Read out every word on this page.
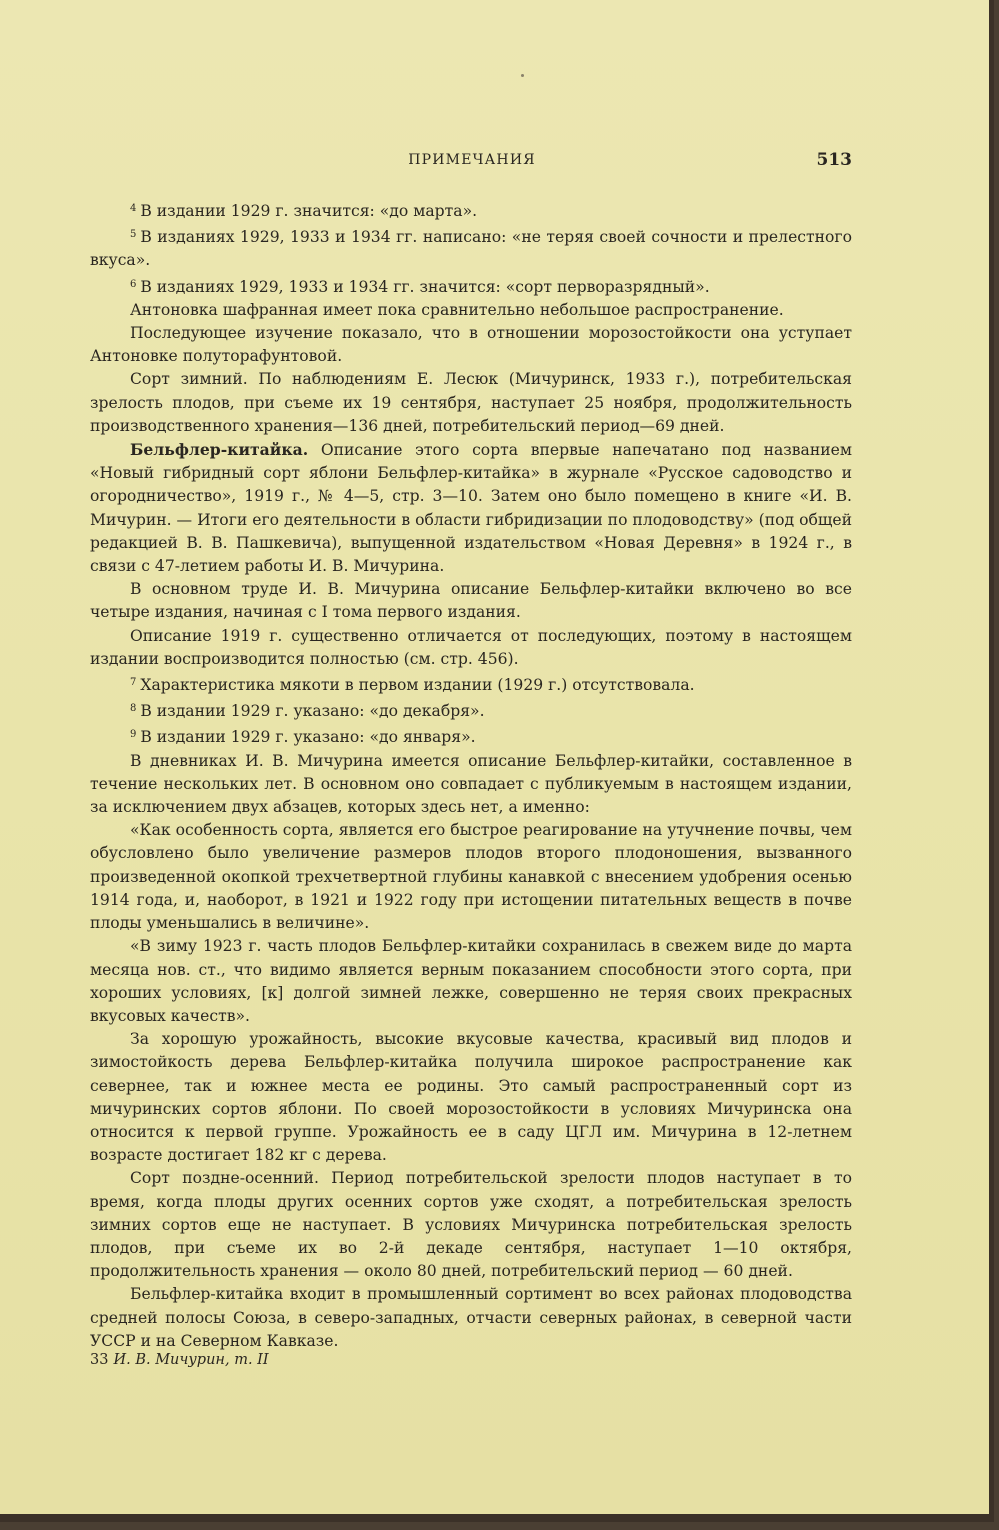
ПРИМЕЧАНИЯ	513

$^4$ В издании 1929 г. значится: «до марта».

$^5$ В изданиях 1929, 1933 и 1934 гг. написано: «не теряя своей сочности и прелестного вкуса».

$^6$ В изданиях 1929, 1933 и 1934 гг. значится: «сорт перворазрядный».

Антоновка шафранная имеет пока сравнительно небольшое распространение.

Последующее изучение показало, что в отношении морозостойкости она уступает Антоновке полуторафунтовой.

Сорт зимний. По наблюдениям Е. Лесюк (Мичуринск, 1933 г.), потребительская зрелость плодов, при съеме их 19 сентября, наступает 25 ноября, продолжительность производственного хранения—136 дней, потребительский период—69 дней.

Бельфлер-китайка. Описание этого сорта впервые напечатано под названием «Новый гибридный сорт яблони Бельфлер-китайка» в журнале «Русское садоводство и огородничество», 1919 г., № 4—5, стр. 3—10. Затем оно было помещено в книге «И. В. Мичурин. — Итоги его деятельности в области гибридизации по плодоводству» (под общей редакцией В. В. Пашкевича), выпущенной издательством «Новая Деревня» в 1924 г., в связи с 47-летием работы И. В. Мичурина.

В основном труде И. В. Мичурина описание Бельфлер-китайки включено во все четыре издания, начиная с I тома первого издания.

Описание 1919 г. существенно отличается от последующих, поэтому в настоящем издании воспроизводится полностью (см. стр. 456).

$^7$ Характеристика мякоти в первом издании (1929 г.) отсутствовала.

$^8$ В издании 1929 г. указано: «до декабря».

$^9$ В издании 1929 г. указано: «до января».

В дневниках И. В. Мичурина имеется описание Бельфлер-китайки, составленное в течение нескольких лет. В основном оно совпадает с публикуемым в настоящем издании, за исключением двух абзацев, которых здесь нет, а именно:

«Как особенность сорта, является его быстрое реагирование на утучнение почвы, чем обусловлено было увеличение размеров плодов второго плодоношения, вызванного произведенной окопкой трехчетвертной глубины канавкой с внесением удобрения осенью 1914 года, и, наоборот, в 1921 и 1922 году при истощении питательных веществ в почве плоды уменьшались в величине».

«В зиму 1923 г. часть плодов Бельфлер-китайки сохранилась в свежем виде до марта месяца нов. ст., что видимо является верным показанием способности этого сорта, при хороших условиях, [к] долгой зимней лежке, совершенно не теряя своих прекрасных вкусовых качеств».

За хорошую урожайность, высокие вкусовые качества, красивый вид плодов и зимостойкость дерева Бельфлер-китайка получила широкое распространение как севернее, так и южнее места ее родины. Это самый распространенный сорт из мичуринских сортов яблони. По своей морозостойкости в условиях Мичуринска она относится к первой группе. Урожайность ее в саду ЦГЛ им. Мичурина в 12-летнем возрасте достигает 182 кг с дерева.

Сорт поздне-осенний. Период потребительской зрелости плодов наступает в то время, когда плоды других осенних сортов уже сходят, а потребительская зрелость зимних сортов еще не наступает. В условиях Мичуринска потребительская зрелость плодов, при съеме их во 2-й декаде сентября, наступает 1—10 октября, продолжительность хранения — около 80 дней, потребительский период — 60 дней.

Бельфлер-китайка входит в промышленный сортимент во всех районах плодоводства средней полосы Союза, в северо-западных, отчасти северных районах, в северной части УССР и на Северном Кавказе.

33 И. В. Мичурин, т. II
